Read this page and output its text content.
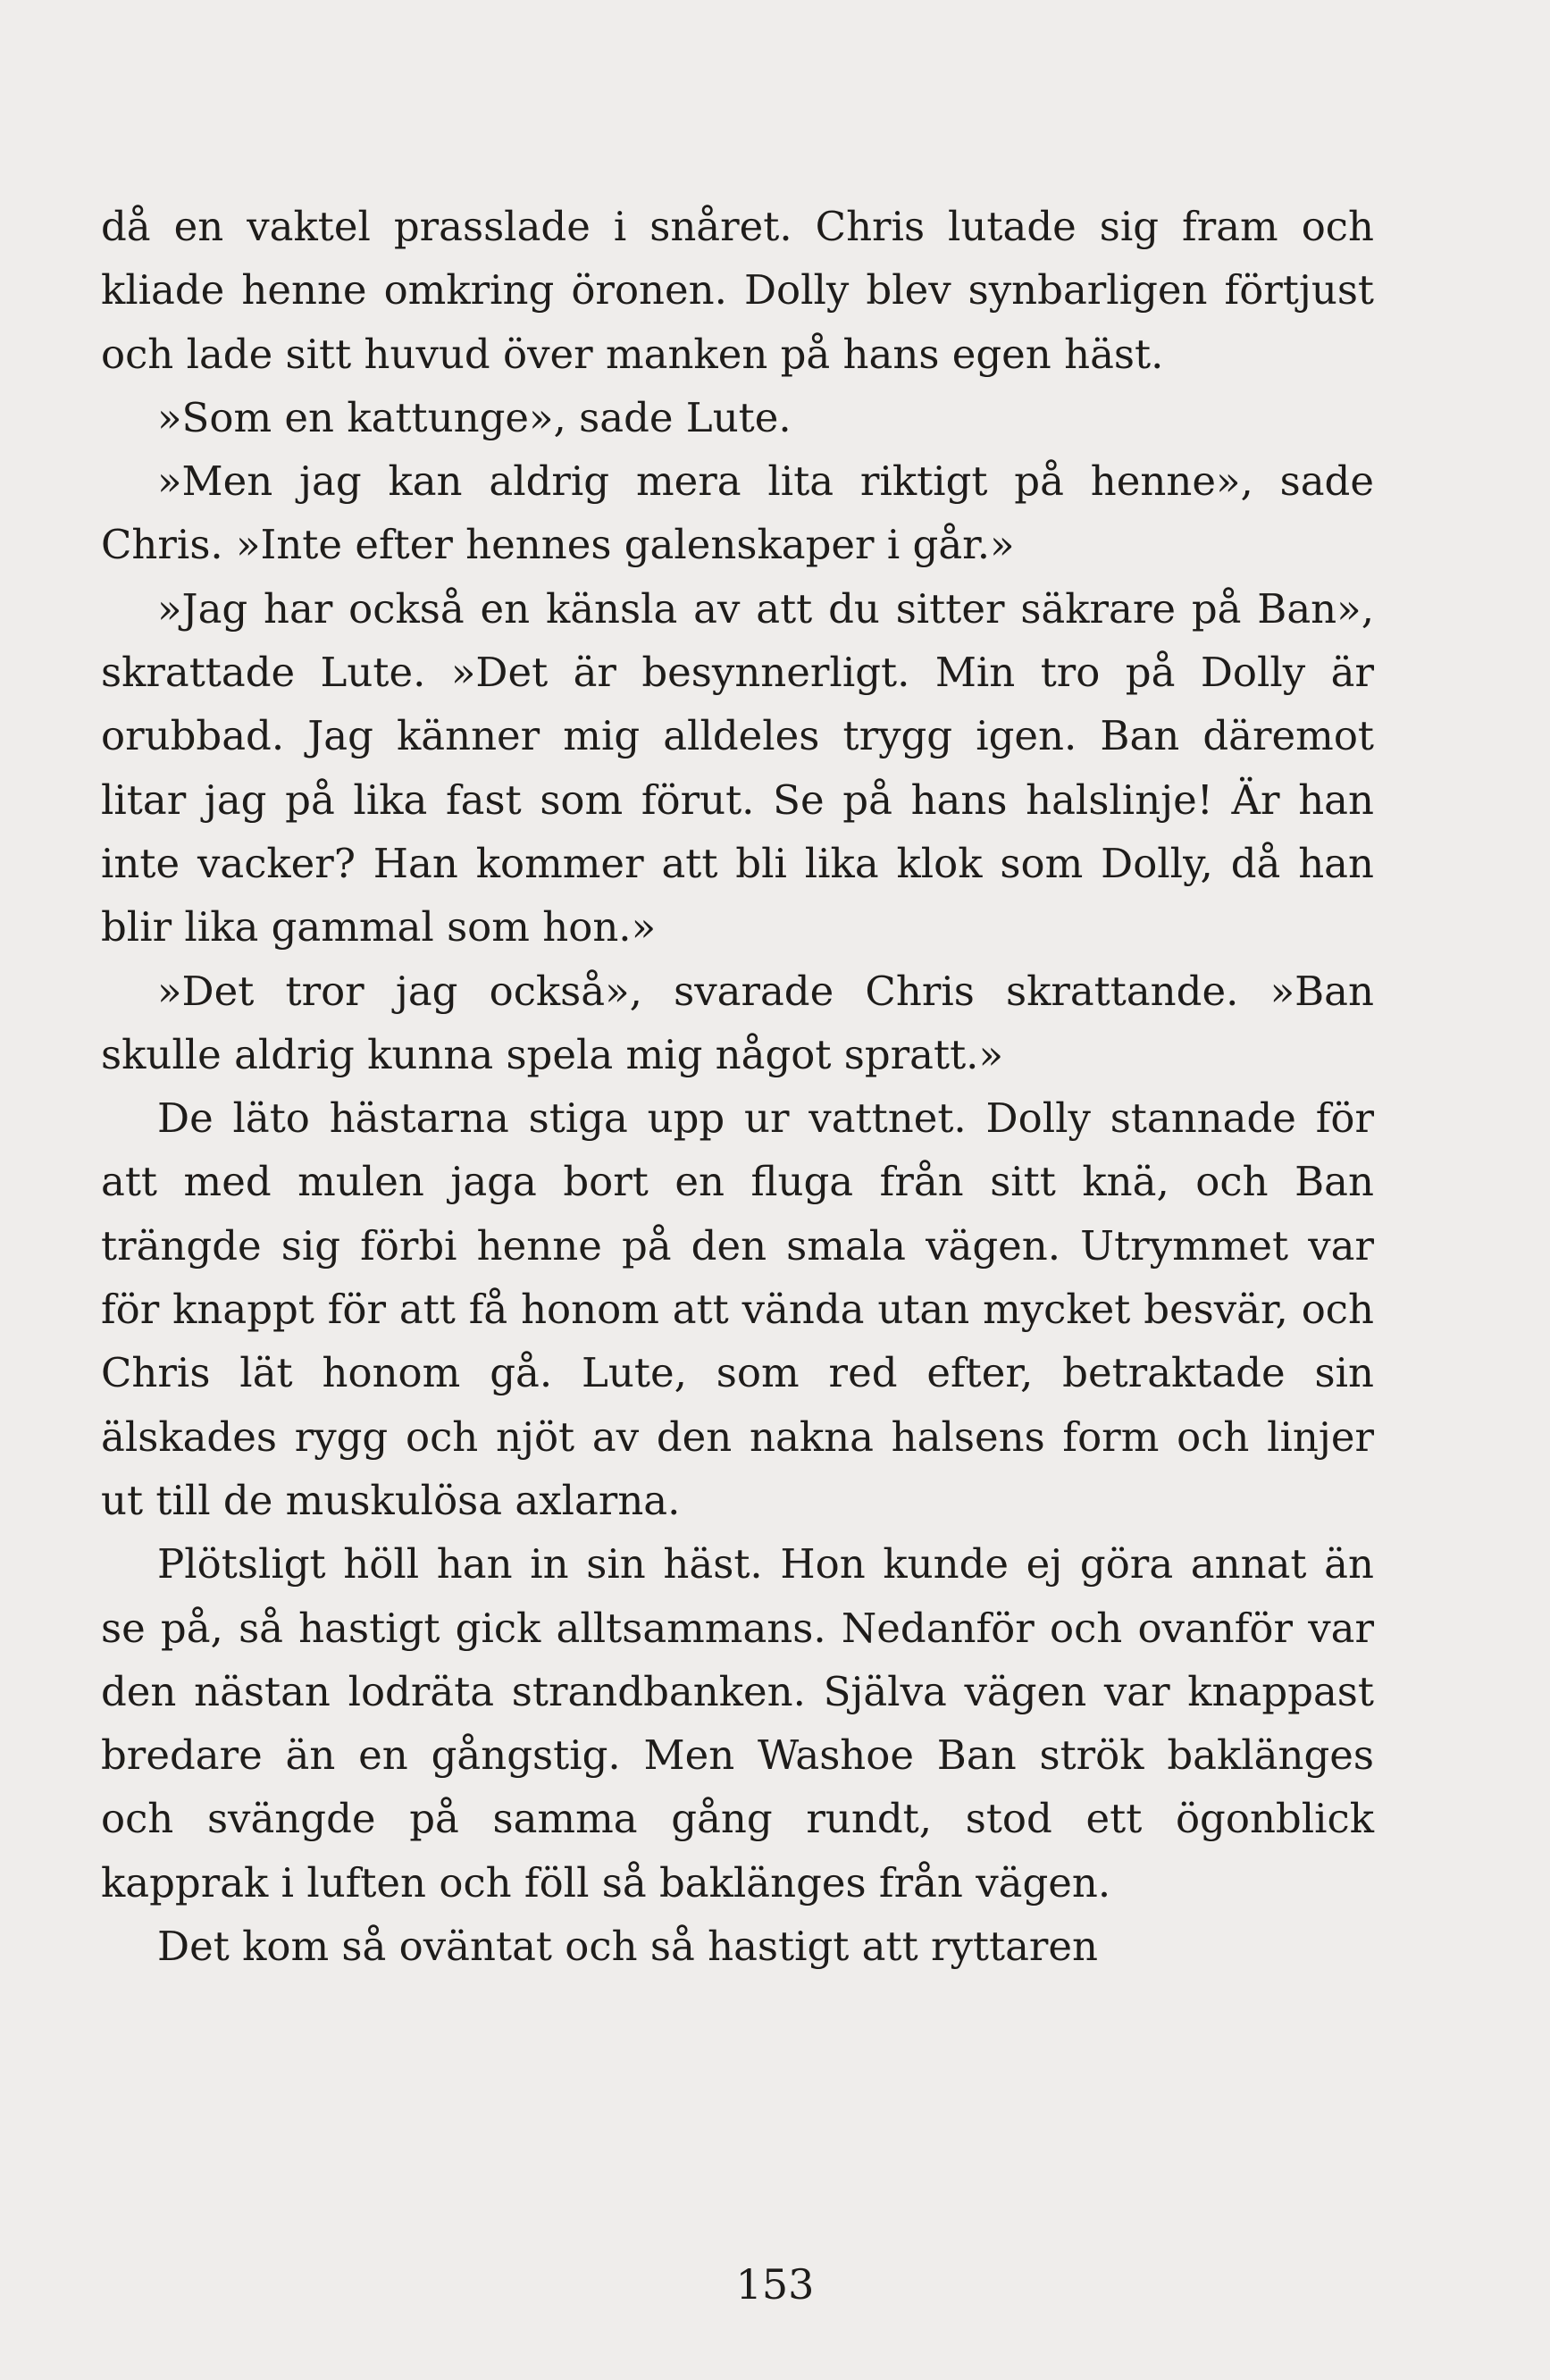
då en vaktel prasslade i snåret. Chris lutade sig fram och kliade henne omkring öronen. Dolly blev synbarligen förtjust och lade sitt huvud över manken på hans egen häst.

»Som en kattunge», sade Lute.

»Men jag kan aldrig mera lita riktigt på henne», sade Chris. »Inte efter hennes galenskaper i går.»

»Jag har också en känsla av att du sitter säkrare på Ban», skrattade Lute. »Det är besynnerligt. Min tro på Dolly är orubbad. Jag känner mig alldeles trygg igen. Ban däremot litar jag på lika fast som förut. Se på hans halslinje! Är han inte vacker? Han kommer att bli lika klok som Dolly, då han blir lika gammal som hon.»

»Det tror jag också», svarade Chris skrattande. »Ban skulle aldrig kunna spela mig något spratt.»

De läto hästarna stiga upp ur vattnet. Dolly stannade för att med mulen jaga bort en fluga från sitt knä, och Ban trängde sig förbi henne på den smala vägen. Utrymmet var för knappt för att få honom att vända utan mycket besvär, och Chris lät honom gå. Lute, som red efter, betraktade sin älskades rygg och njöt av den nakna halsens form och linjer ut till de muskulösa axlarna.

Plötsligt höll han in sin häst. Hon kunde ej göra annat än se på, så hastigt gick alltsammans. Nedanför och ovanför var den nästan lodräta strandbanken. Själva vägen var knappast bredare än en gångstig. Men Washoe Ban strök baklänges och svängde på samma gång rundt, stod ett ögonblick kapprak i luften och föll så baklänges från vägen.

Det kom så oväntat och så hastigt att ryttaren

153
